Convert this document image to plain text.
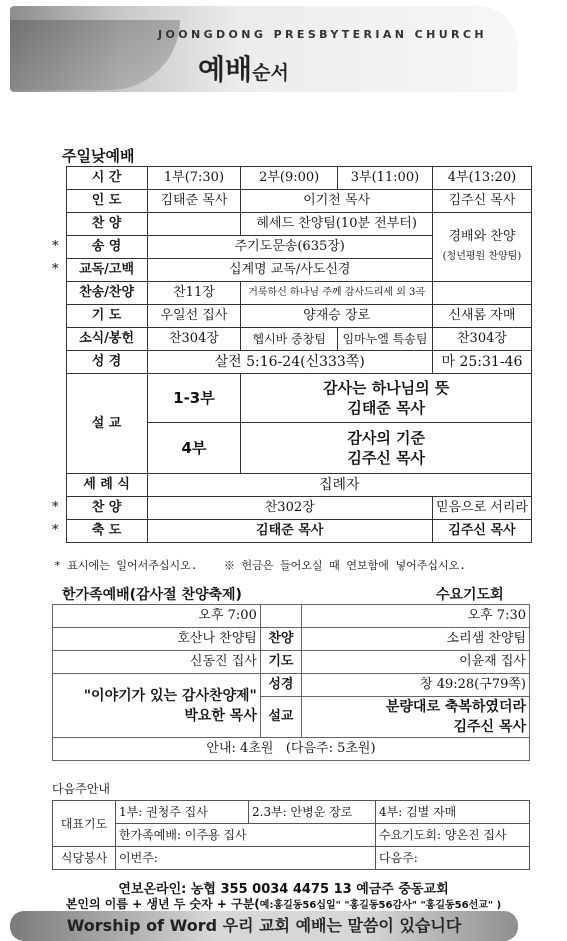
JOONGDONG PRESBYTERIAN CHURCH
예배순서
주일낮예배
	시 간	1부(7:30)	2부(9:00)	3부(11:00)	4부(13:20)
	인 도	김태준 목사	이기천 목사		김주신 목사
	찬 양		헤세드 찬양팀(10분 전부터)		경배와 찬양
(청년평원 찬양팀)

*	송 영	주기도문송(635장)			
*	교독/고백	십계명 교독/사도신경			
	찬송/찬양	찬11장	거룩하신 하나님 주께 감사드리세 외 3곡		
	기 도	우일선 집사	양재승 장로		신새롬 자매
	소식/봉헌	찬304장	헵시바 중창팀	임마누엘 특송팀	찬304장
	성 경	살전 5:16-24(신333쪽)			마 25:31-46
	설 교	1-3부	감사는 하나님의 뜻
김태준 목사		

		4부	감사의 기준
김주신 목사		

	세 례 식	집례자			
*	찬 양	찬302장			믿음으로 서리라
*	축 도	김태준 목사			김주신 목사
* 표시에는 일어서주십시오. ※ 헌금은 들어오실 때 연보함에 넣어주십시오.
한가족예배(감사절 찬양축제)	수요기도회
오후 7:00		오후 7:30
호산나 찬양팀	찬양	소리샘 찬양팀
신동진 집사	기도	이윤재 집사

"이야기가 있는 감사찬양제"
박요한 목사	성경	창 49:28(구79쪽)
	설교	분량대로 축복하였더라
김주신 목사

안내: 4초원 (다음주: 5초원)		
다음주안내
대표기도	1부: 권청주 집사	2.3부: 안병운 장로	4부: 김별 자매
	한가족예배: 이주용 집사		수요기도회: 양온진 집사
식당봉사	이번주:		다음주:
연보온라인: 농협 355 0034 4475 13 예금주 중동교회
본인의 이름 + 생년 두 숫자 + 구분(예:홍길동56십일" "홍길동56감사" "홍길동56선교" )
Worship of Word 우리 교회 예배는 말씀이 있습니다
